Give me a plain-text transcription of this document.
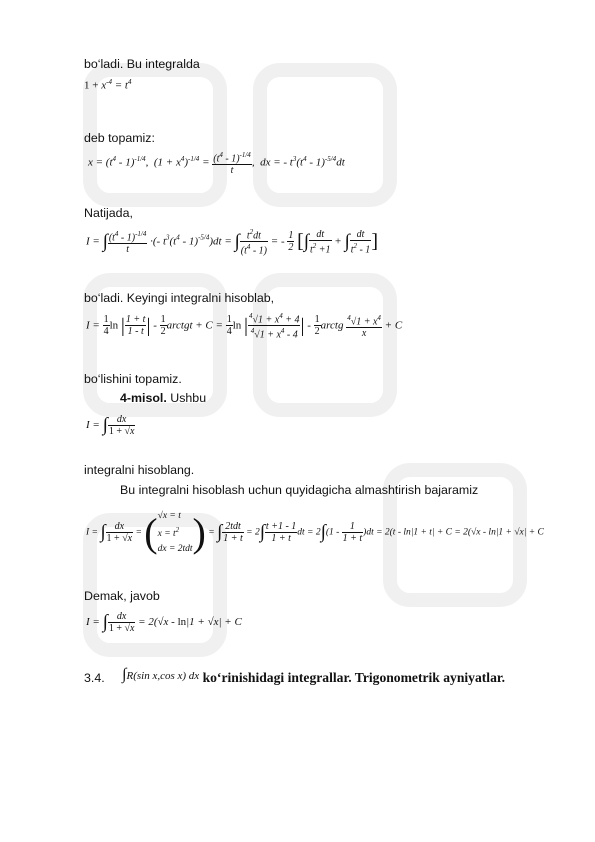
bo‘ladi. Bu integralda
$1 + x^{-4} = t^4$
deb topamiz:
$x = (t^4 - 1)^{-1/4}$,  $(1 + x^4)^{-1/4} = \frac{(t^4 - 1)^{-1/4}}{t}$ ,  dx = - $t^3(t^4 - 1)^{-5/4}dt$
Natijada,
I = ∫ $\frac{(t^4 - 1)^{-1/4}}{t}$ ·(- $t^3(t^4 - 1)^{-5/4})dt$ = ∫ $\frac{t^2dt}{(t^4 - 1)}$ = - $\frac{1}{2}$ [∫ $\frac{dt}{t^2 +1}$ + ∫ $\frac{dt}{t^2 - 1}$ ]
bo‘ladi. Keyingi integralni hisoblab,
$I = \frac{1}{4}$ ln | $\frac{1 + t}{1 - t}$ | - $\frac{1}{2}$ arctgt + $C = \frac{1}{4}$ ln | $\frac{^4√1 + x^4 + 4}{^4√1 + x^4 - 4}$ | - $\frac{1}{2}$ arctg $\frac{^4√1 + x^4}{x} + C$
bo‘lishini topamiz.
4-misol. Ushbu
I = ∫ $\frac{dx}{1 + √x}$
integralni hisoblang.
Bu integralni hisoblash uchun quyidagicha almashtirish bajaramiz
I = ∫ $\frac{dx}{1 + √x} = (√x = t$
$x = t^2$
dx = 2tdt) = ∫ $\frac{\text{2tdt}}{1 + t} = 2\int \frac{t +1 - 1}{1 + t}$ dt = $2\int(1 - \frac{1}{1 + t} )dt = 2(t - \ln|1 + t| + C = 2(√x - \ln|1 + √x| + C$
Demak, javob
I = ∫ $\frac{dx}{1 + √x} = 2(√x - \ln|1 + √x| + C$
3.4. $^{\int R(sin x,cos x) dx}$ ko‘rinishidagi integrallar. Trigonometrik ayniyatlar.
